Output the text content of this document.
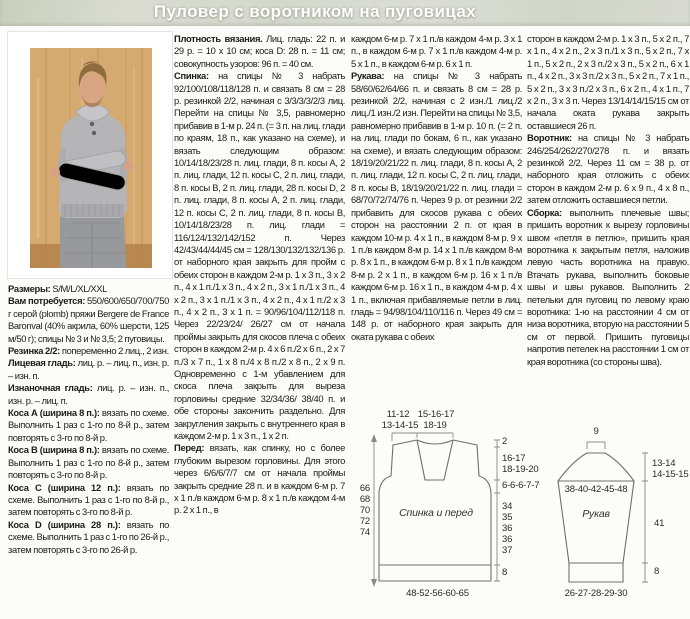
Пуловер с воротником на пуговицах

Размеры: S/M/L/XL/XXL

Вам потребуется: 550/600/650/700/750 г серой (plomb) пряжи Bergere de France Baronval (40% акрила, 60% шерсти, 125 м/50 г); спицы № 3 и № 3,5; 2 пуговицы.

Резинка 2/2: попеременно 2 лиц., 2 изн.

Лицевая гладь: лиц. р. – лиц. п., изн. р. – изн. п.

Изнаночная гладь: лиц. р. – изн. п., изн. р. – лиц. п.

Коса А (ширина 8 п.): вязать по схеме. Выполнить 1 раз с 1-го по 8-й р., затем повторять с 3-го по 8-й р.

Коса В (ширина 8 п.): вязать по схеме. Выполнить 1 раз с 1-го по 8-й р., затем повторять с 3-го по 8-й р.

Коса С (ширина 12 п.): вязать по схеме. Выполнить 1 раз с 1-го по 8-й р., затем повторять с 3-го по 8-й р.

Коса D (ширина 28 п.): вязать по схеме. Выполнить 1 раз с 1-го по 26-й р., затем повторять с 3-го по 26-й р.

Плотность вязания. Лиц. гладь: 22 п. и 29 р. = 10 х 10 см; коса D: 28 п. = 11 см; совокупность узоров: 96 п. = 40 см.

Спинка: на спицы № 3 набрать 92/100/108/118/128 п. и связать 8 см = 28 р. резинкой 2/2, начиная с 3/3/3/3/2/3 лиц. Перейти на спицы № 3,5, равномерно прибавив в 1-м р. 24 п. (= 3 п. на лиц. глади по краям, 18 п., как указано на схеме), и вязать следующим образом: 10/14/18/23/28 п. лиц. глади, 8 п. косы А, 2 п. лиц. глади, 12 п. косы С, 2 п. лиц. глади, 8 п. косы В, 2 п. лиц. глади, 28 п. косы D, 2 п. лиц. глади, 8 п. косы А, 2 п. лиц. глади, 12 п. косы С, 2 п. лиц. глади, 8 п. косы В, 10/14/18/23/28 п. лиц. глади = 116/124/132/142/152 п. Через 42/43/44/44/45 см = 128/130/132/132/136 р. от наборного края закрыть для пройм с обеих сторон в каждом 2-м р. 1 х 3 п., 3 х 2 п., 4 х 1 п./1 х 3 п., 4 х 2 п., 3 х 1 п./1 х 3 п., 4 х 2 п., 3 х 1 п./1 х 3 п., 4 х 2 п., 4 х 1 п./2 х 3 п., 4 х 2 п., 3 х 1 п. = 90/96/104/112/118 п. Через 22/23/24/ 26/27 см от начала проймы закрыть для скосов плеча с обеих сторон в каждом 2-м р. 4 х 6 п./2 х 6 п., 2 х 7 п./3 х 7 п., 1 х 8 п./4 х 8 п./2 х 8 п., 2 х 9 п. Одновременно с 1-м убавлением для скоса плеча закрыть для выреза горловины средние 32/34/36/ 38/40 п. и обе стороны закончить раздельно. Для закругления закрыть с внутреннего края в каждом 2-м р. 1 х 3 п., 1 х 2 п.

Перед: вязать, как спинку, но с более глубоким вырезом горловины. Для этого через 6/6/6/7/7 см от начала проймы закрыть средние 28 п. и в каждом 6-м р. 7 х 1 п./в каждом 6-м р. 8 х 1 п./в каждом 4-м р. 2 х 1 п., в

каждом 6-м р. 7 х 1 п./в каждом 4-м р. 3 х 1 п., в каждом 6-м р. 7 х 1 п./в каждом 4-м р. 5 х 1 п., в каждом 6-м р. 6 х 1 п.

Рукава: на спицы № 3 набрать 58/60/62/64/66 п. и связать 8 см = 28 р. резинкой 2/2, начиная с 2 изн./1 лиц./2 лиц./1 изн./2 изн. Перейти на спицы № 3,5, равномерно прибавив в 1-м р. 10 п. (= 2 п. на лиц. глади по бокам, 6 п., как указано на схеме), и вязать следующим образом: 18/19/20/21/22 п. лиц. глади, 8 п. косы А, 2 п. лиц. глади, 12 п. косы С, 2 п. лиц. глади, 8 п. косы В, 18/19/20/21/22 п. лиц. глади = 68/70/72/74/76 п. Через 9 р. от резинки 2/2 прибавить для скосов рукава с обеих сторон на расстоянии 2 п. от края в каждом 10-м р. 4 х 1 п., в каждом 8-м р. 9 х 1 п./в каждом 8-м р. 14 х 1 п./в каждом 8-м р. 8 х 1 п., в каждом 6-м р. 8 х 1 п./в каждом 8-м р. 2 х 1 п., в каждом 6-м р. 16 х 1 п./в каждом 6-м р. 16 х 1 п., в каждом 4-м р. 4 х 1 п., включая прибавляемые петли в лиц. гладь = 94/98/104/110/116 п. Через 49 см = 148 р. от наборного края закрыть для оката рукава с обеих

сторон в каждом 2-м р. 1 х 3 п., 5 х 2 п., 7 х 1 п., 4 х 2 п., 2 х 3 п./1 х 3 п., 5 х 2 п., 7 х 1 п., 5 х 2 п., 2 х 3 п./2 х 3 п., 5 х 2 п., 6 х 1 п., 4 х 2 п., 3 х 3 п./2 х 3 п., 5 х 2 п., 7 х 1 п., 5 х 2 п., 3 х 3 п./2 х 3 п., 6 х 2 п., 4 х 1 п., 7 х 2 п., 3 х 3 п. Через 13/14/14/15/15 см от начала оката рукава закрыть оставшиеся 26 п.

Воротник: на спицы № 3 набрать 246/254/262/270/278 п. и вязать резинкой 2/2. Через 11 см = 38 р. от наборного края отложить с обеих сторон в каждом 2-м р. 6 х 9 п., 4 х 8 п., затем отложить оставшиеся петли.

Сборка: выполнить плечевые швы; пришить воротник к вырезу горловины швом «петля в петлю», пришить края воротника к закрытым петля, наложив левую часть воротника на правую. Втачать рукава, выполнить боковые швы и швы рукавов. Выполнить 2 петельки для пуговиц по левому краю воротника: 1-ю на расстоянии 4 см от низа воротника, вторую на расстоянии 5 см от первой. Пришить пуговицы напротив петелек на расстоянии 1 см от края воротника (со стороны шва).

11-12 15-16-17
13-14-15 18-19
66
68
70
72
74
2
16-17
18-19-20
6-6-6-7-7
34
35
36
36
37
8
Спинка и перед
48-52-56-60-65
9
13-14
14-15-15
38-40-42-45-48
Рукав
41
8
26-27-28-29-30
